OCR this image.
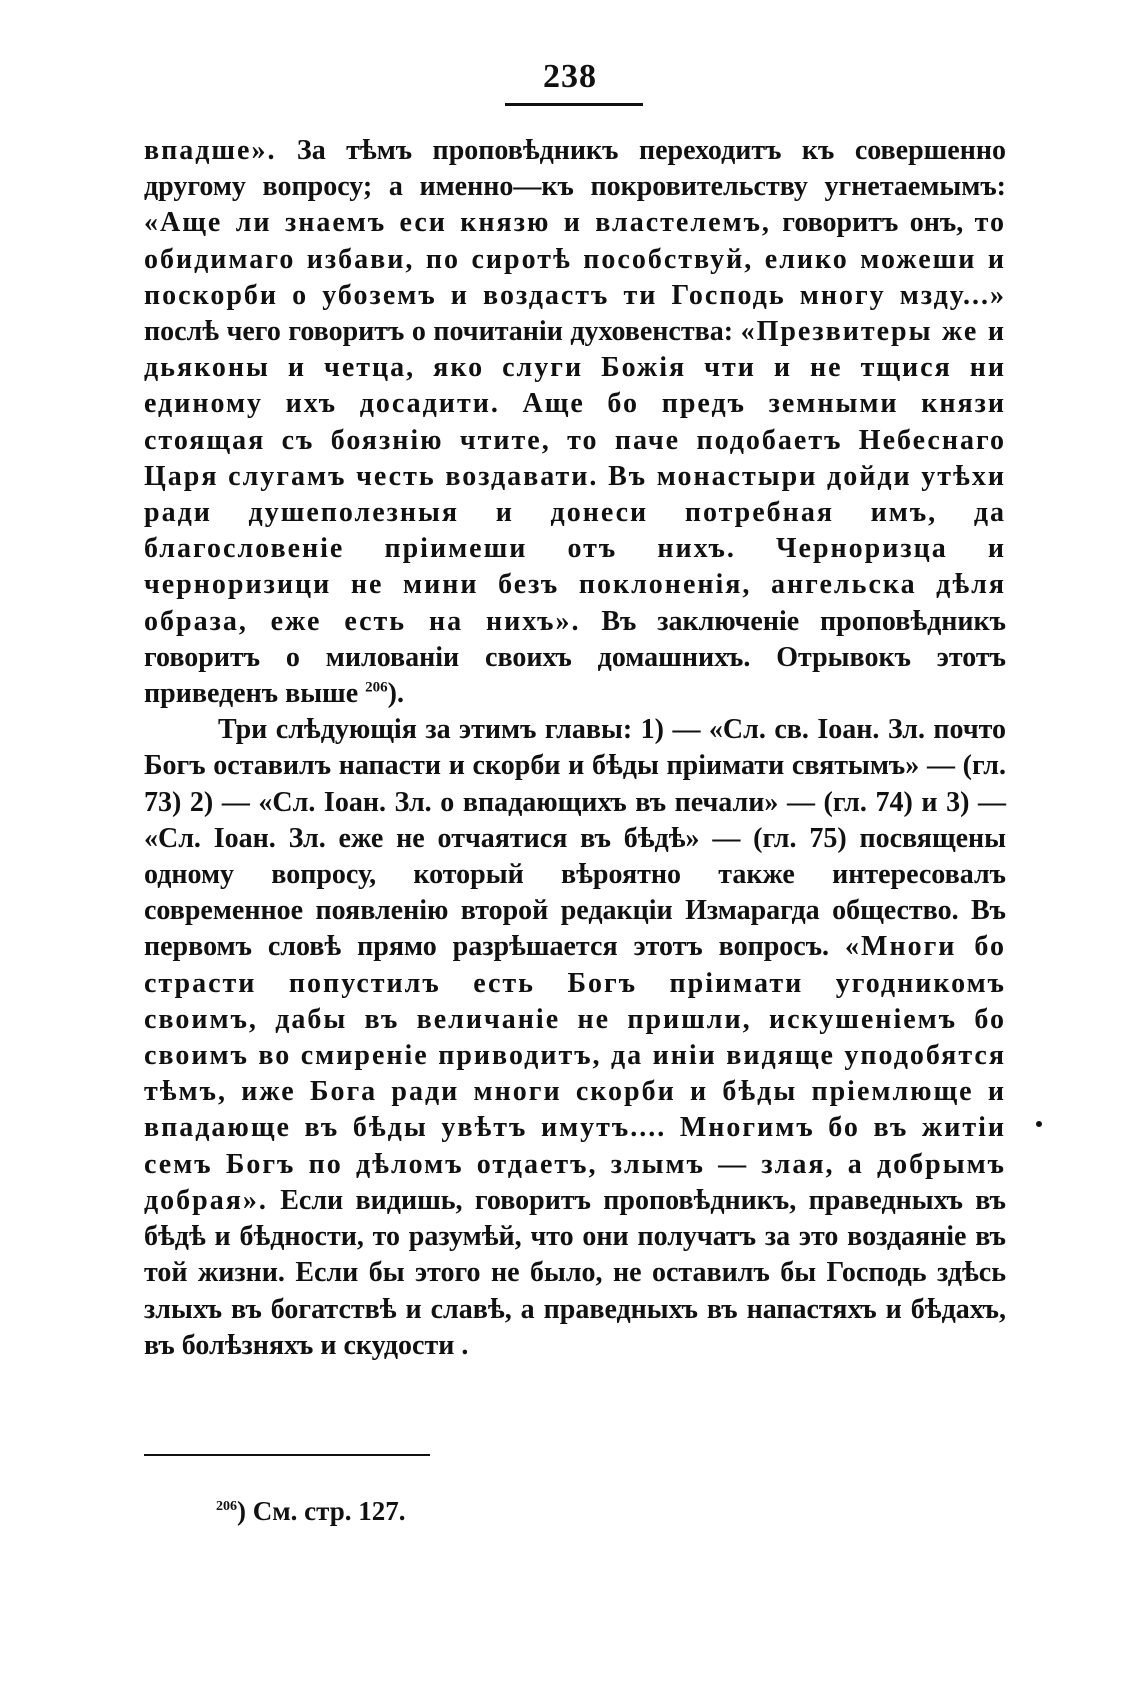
238

впадше». За тѣмъ проповѣдникъ переходитъ къ совершенно другому вопросу; а именно—къ покровительству угнетаемымъ: «Аще ли знаемъ еси князю и властелемъ, говоритъ онъ, то обидимаго избави, по сиротѣ пособствуй, елико можеши и поскорби о убоземъ и воздастъ ти Господь многу мзду...» послѣ чего говоритъ о почитаніи духовенства: «Презвитеры же и дьяконы и четца, яко слуги Божія чти и не тщися ни единому ихъ досадити. Аще бо предъ земными князи стоящая съ боязнію чтите, то паче подобаетъ Небеснаго Царя слугамъ честь воздавати. Въ монастыри дойди утѣхи ради душеполезныя и донеси потребная имъ, да благословеніе пріимеши отъ нихъ. Черноризца и черноризици не мини безъ поклоненія, ангельска дѣля образа, еже есть на нихъ». Въ заключеніе проповѣдникъ говоритъ о милованіи своихъ домашнихъ. Отрывокъ этотъ приведенъ выше $^{206}$).

Три слѣдующія за этимъ главы: 1) — «Сл. св. Іоан. Зл. почто Богъ оставилъ напасти и скорби и бѣды пріимати святымъ» — (гл. 73) 2) — «Сл. Іоан. Зл. о впадающихъ въ печали» — (гл. 74) и 3) — «Сл. Іоан. Зл. еже не отчаятися въ бѣдѣ» — (гл. 75) посвящены одному вопросу, который вѣроятно также интересовалъ современное появленію второй редакціи Измарагда общество. Въ первомъ словѣ прямо разрѣшается этотъ вопросъ. «Многи бо страсти попустилъ есть Богъ пріимати угодникомъ своимъ, дабы въ величаніе не пришли, искушеніемъ бо своимъ во смиреніе приводитъ, да иніи видяще уподобятся тѣмъ, иже Бога ради многи скорби и бѣды пріемлюще и впадающе въ бѣды увѣтъ имутъ.... Многимъ бо въ житіи семъ Богъ по дѣломъ отдаетъ, злымъ — злая, а добрымъ добрая». Если видишь, говоритъ проповѣдникъ, праведныхъ въ бѣдѣ и бѣдности, то разумѣй, что они получатъ за это воздаяніе въ той жизни. Если бы этого не было, не оставилъ бы Господь здѣсь злыхъ въ богатствѣ и славѣ, а праведныхъ въ напастяхъ и бѣдахъ, въ болѣзняхъ и скудости .

$^{206}$) См. стр. 127.
